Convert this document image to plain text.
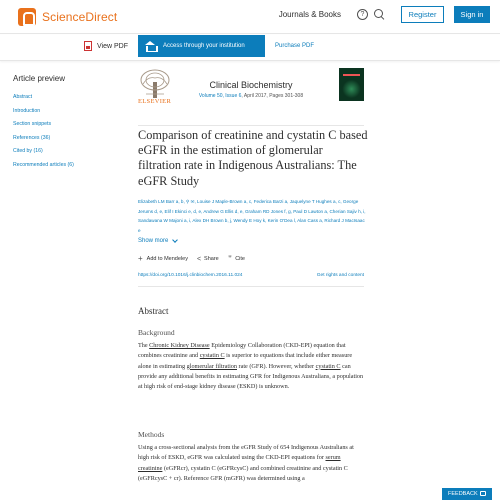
ScienceDirect	Journals & Books	?	Register	Sign in
View PDF	Access through your institution	Purchase PDF
Article preview
Abstract
Introduction
Section snippets
References (36)
Cited by (16)
Recommended articles (6)
ELSEVIER
Clinical Biochemistry
Volume 50, Issue 6, April 2017, Pages 301-308
Comparison of creatinine and cystatin C based eGFR in the estimation of glomerular filtration rate in Indigenous Australians: The eGFR Study
Elizabeth LM Barr a, b, ⚲ ✉, Louise J Maple-Brown a, c, Federica Barzi a, Jaquelyne T Hughes a, c, George Jerums d, e, Elif I Ekinci e, d, e, Andrew G Ellis d, e, Graham RD Jones f, g, Paul D Lawton a, Cherian Sajiv h, i, Sandawana W Majoni a, i, Alex DH Brown b, j, Wendy E Hoy k, Kerin O'Dea l, Alan Cass a, Richard J MacIsaac e
Show more
+ Add to Mendeley < Share " Cite
https://doi.org/10.1016/j.clinbiochem.2016.11.024	Get rights and content
Abstract
Background
The Chronic Kidney Disease Epidemiology Collaboration (CKD-EPI) equation that combines creatinine and cystatin C is superior to equations that include either measure alone in estimating glomerular filtration rate (GFR). However, whether cystatin C can provide any additional benefits in estimating GFR for Indigenous Australians, a population at high risk of end-stage kidney disease (ESKD) is unknown.
Methods
Using a cross-sectional analysis from the eGFR Study of 654 Indigenous Australians at high risk of ESKD, eGFR was calculated using the CKD-EPI equations for serum creatinine (eGFRcr), cystatin C (eGFRcysC) and combined creatinine and cystatin C (eGFRcysC + cr). Reference GFR (mGFR) was determined using a
FEEDBACK
